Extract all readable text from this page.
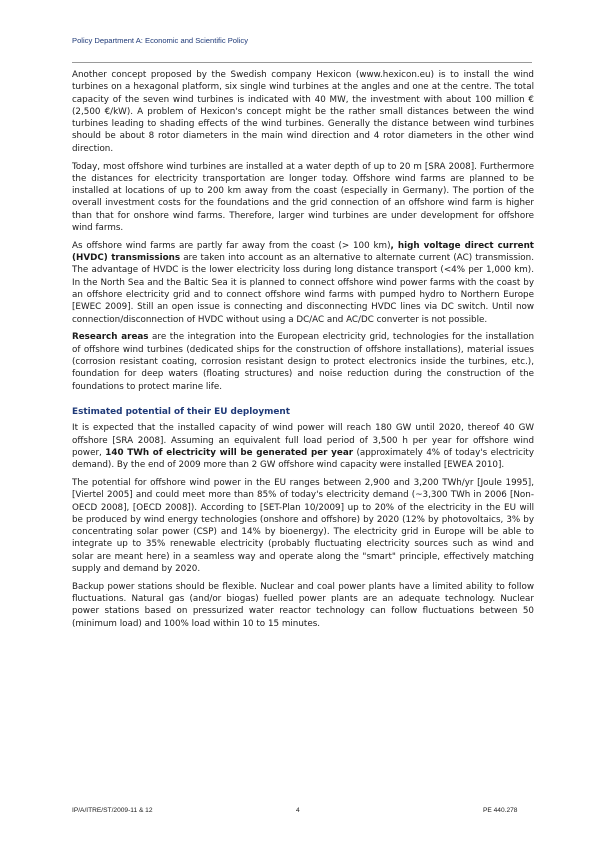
Policy Department A: Economic and Scientific Policy

Another concept proposed by the Swedish company Hexicon (www.hexicon.eu) is to install the wind turbines on a hexagonal platform, six single wind turbines at the angles and one at the centre. The total capacity of the seven wind turbines is indicated with 40 MW, the investment with about 100 million € (2,500 €/kW). A problem of Hexicon's concept might be the rather small distances between the wind turbines leading to shading effects of the wind turbines. Generally the distance between wind turbines should be about 8 rotor diameters in the main wind direction and 4 rotor diameters in the other wind direction.

Today, most offshore wind turbines are installed at a water depth of up to 20 m [SRA 2008]. Furthermore the distances for electricity transportation are longer today. Offshore wind farms are planned to be installed at locations of up to 200 km away from the coast (especially in Germany). The portion of the overall investment costs for the foundations and the grid connection of an offshore wind farm is higher than that for onshore wind farms. Therefore, larger wind turbines are under development for offshore wind farms.

As offshore wind farms are partly far away from the coast (> 100 km), high voltage direct current (HVDC) transmissions are taken into account as an alternative to alternate current (AC) transmission. The advantage of HVDC is the lower electricity loss during long distance transport (<4% per 1,000 km). In the North Sea and the Baltic Sea it is planned to connect offshore wind power farms with the coast by an offshore electricity grid and to connect offshore wind farms with pumped hydro to Northern Europe [EWEC 2009]. Still an open issue is connecting and disconnecting HVDC lines via DC switch. Until now connection/disconnection of HVDC without using a DC/AC and AC/DC converter is not possible.

Research areas are the integration into the European electricity grid, technologies for the installation of offshore wind turbines (dedicated ships for the construction of offshore installations), material issues (corrosion resistant coating, corrosion resistant design to protect electronics inside the turbines, etc.), foundation for deep waters (floating structures) and noise reduction during the construction of the foundations to protect marine life.

Estimated potential of their EU deployment

It is expected that the installed capacity of wind power will reach 180 GW until 2020, thereof 40 GW offshore [SRA 2008]. Assuming an equivalent full load period of 3,500 h per year for offshore wind power, 140 TWh of electricity will be generated per year (approximately 4% of today's electricity demand). By the end of 2009 more than 2 GW offshore wind capacity were installed [EWEA 2010].

The potential for offshore wind power in the EU ranges between 2,900 and 3,200 TWh/yr [Joule 1995], [Viertel 2005] and could meet more than 85% of today's electricity demand (~3,300 TWh in 2006 [Non-OECD 2008], [OECD 2008]). According to [SET-Plan 10/2009] up to 20% of the electricity in the EU will be produced by wind energy technologies (onshore and offshore) by 2020 (12% by photovoltaics, 3% by concentrating solar power (CSP) and 14% by bioenergy). The electricity grid in Europe will be able to integrate up to 35% renewable electricity (probably fluctuating electricity sources such as wind and solar are meant here) in a seamless way and operate along the "smart" principle, effectively matching supply and demand by 2020.

Backup power stations should be flexible. Nuclear and coal power plants have a limited ability to follow fluctuations. Natural gas (and/or biogas) fuelled power plants are an adequate technology. Nuclear power stations based on pressurized water reactor technology can follow fluctuations between 50 (minimum load) and 100% load within 10 to 15 minutes.

IP/A/ITRE/ST/2009-11 & 12	4	PE 440.278
